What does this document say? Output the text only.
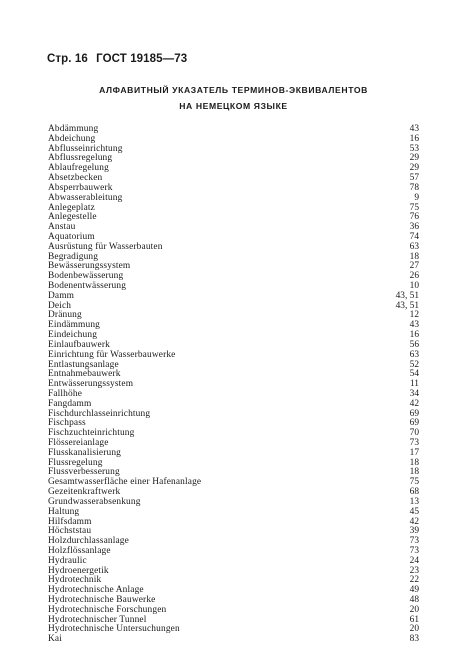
Стр. 16 ГОСТ 19185—73
АЛФАВИТНЫЙ УКАЗАТЕЛЬ ТЕРМИНОВ-ЭКВИВАЛЕНТОВ
НА НЕМЕЦКОМ ЯЗЫКЕ
Abdämmung	43
Abdeichung	16
Abflusseinrichtung	53
Abflussregelung	29
Ablaufregelung	29
Absetzbecken	57
Absperrbauwerk	78
Abwasserableitung	9
Anlegeplatz	75
Anlegestelle	76
Anstau	36
Aquatorium	74
Ausrüstung für Wasserbauten	63
Begradigung	18
Bewässerungssystem	27
Bodenbewässerung	26
Bodenentwässerung	10
Damm	43, 51
Deich	43, 51
Dränung	12
Eindämmung	43
Eindeichung	16
Einlaufbauwerk	56
Einrichtung für Wasserbauwerke	63
Entlastungsanlage	52
Entnahmebauwerk	54
Entwässerungssystem	11
Fallhöhe	34
Fangdamm	42
Fischdurchlasseinrichtung	69
Fischpass	69
Fischzuchteinrichtung	70
Flössereianlage	73
Flusskanalisierung	17
Flussregelung	18
Flussverbesserung	18
Gesamtwasserfläche einer Hafenanlage	75
Gezeitenkraftwerk	68
Grundwasserabsenkung	13
Haltung	45
Hilfsdamm	42
Höchststau	39
Holzdurchlassanlage	73
Holzflössanlage	73
Hydraulic	24
Hydroenergetik	23
Hydrotechnik	22
Hydrotechnische Anlage	49
Hydrotechnische Bauwerke	48
Hydrotechnische Forschungen	20
Hydrotechnischer Tunnel	61
Hydrotechnische Untersuchungen	20
Kai	83
